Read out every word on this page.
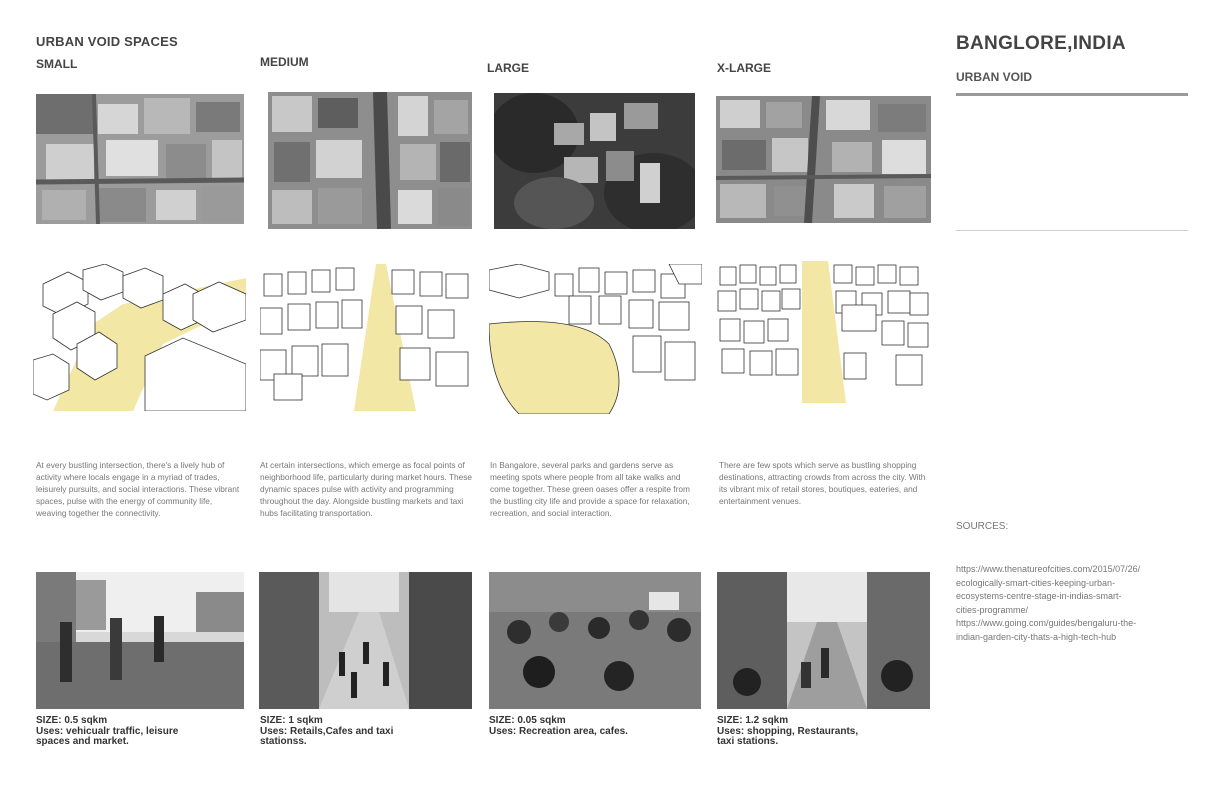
URBAN VOID SPACES
SMALL	MEDIUM	LARGE	X-LARGE
At every bustling intersection, there's a lively hub of activity where locals engage in a myriad of trades, leisurely pursuits, and social interactions. These vibrant spaces, pulse with the energy of community life, weaving together the connectivity.
At certain intersections, which emerge as focal points of neighborhood life, particularly during market hours. These dynamic spaces pulse with activity and programming throughout the day. Alongside bustling markets and taxi hubs facilitating transportation.
In Bangalore, several parks and gardens serve as meeting spots where people from all take walks and come together. These green oases offer a respite from the bustling city life and provide a space for relaxation, recreation, and social interaction.
There are few spots which serve as bustling shopping destinations, attracting crowds from across the city. With its vibrant mix of retail stores, boutiques, eateries, and entertainment venues.
SIZE: 0.5 sqkm
Uses: vehicualr traffic, leisure spaces and market.
SIZE: 1 sqkm
Uses: Retails,Cafes and taxi stationss.
SIZE: 0.05 sqkm
Uses: Recreation area, cafes.
SIZE: 1.2 sqkm
Uses: shopping, Restaurants, taxi stations.
BANGLORE,INDIA
URBAN VOID
SOURCES:
https://www.thenatureofcities.com/2015/07/26/
ecologically-smart-cities-keeping-urban-
ecosystems-centre-stage-in-indias-smart-
cities-programme/
https://www.going.com/guides/bengaluru-the-
indian-garden-city-thats-a-high-tech-hub
